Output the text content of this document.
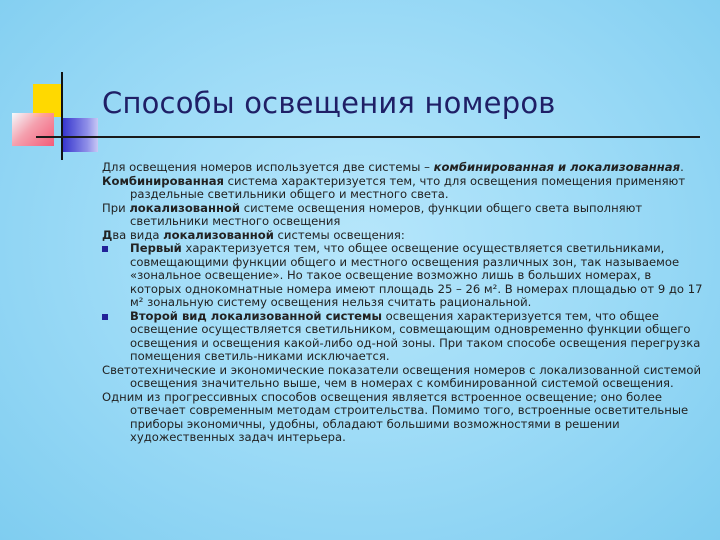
Способы освещения номеров

Для освещения номеров используется две системы – комбинированная и локализованная.

Комбинированная система характеризуется тем, что для освещения помещения применяют раздельные светильники общего и местного света.

При локализованной системе освещения номеров, функции общего света выполняют светильники местного освещения

Два вида локализованной системы освещения:

Первый характеризуется тем, что общее освещение осуществляется светильниками, совмещающими функции общего и местного освещения различных зон, так называемое «зональное освещение». Но такое освещение возможно лишь в больших номерах, в которых однокомнатные номера имеют площадь 25 – 26 м². В номерах площадью от 9 до 17 м² зональную систему освещения нельзя считать рациональной.

Второй вид локализованной системы освещения характеризуется тем, что общее освещение осуществляется светильником, совмещающим одновременно функции общего освещения и освещения какой-либо од-ной зоны. При таком способе освещения перегрузка помещения светиль-никами исключается.

Светотехнические и экономические показатели освещения номеров с локализованной системой освещения значительно выше, чем в номерах с комбинированной системой освещения.

Одним из прогрессивных способов освещения является встроенное освещение; оно более отвечает современным методам строительства. Помимо того, встроенные осветительные приборы экономичны, удобны, обладают большими возможностями в решении художественных задач интерьера.
